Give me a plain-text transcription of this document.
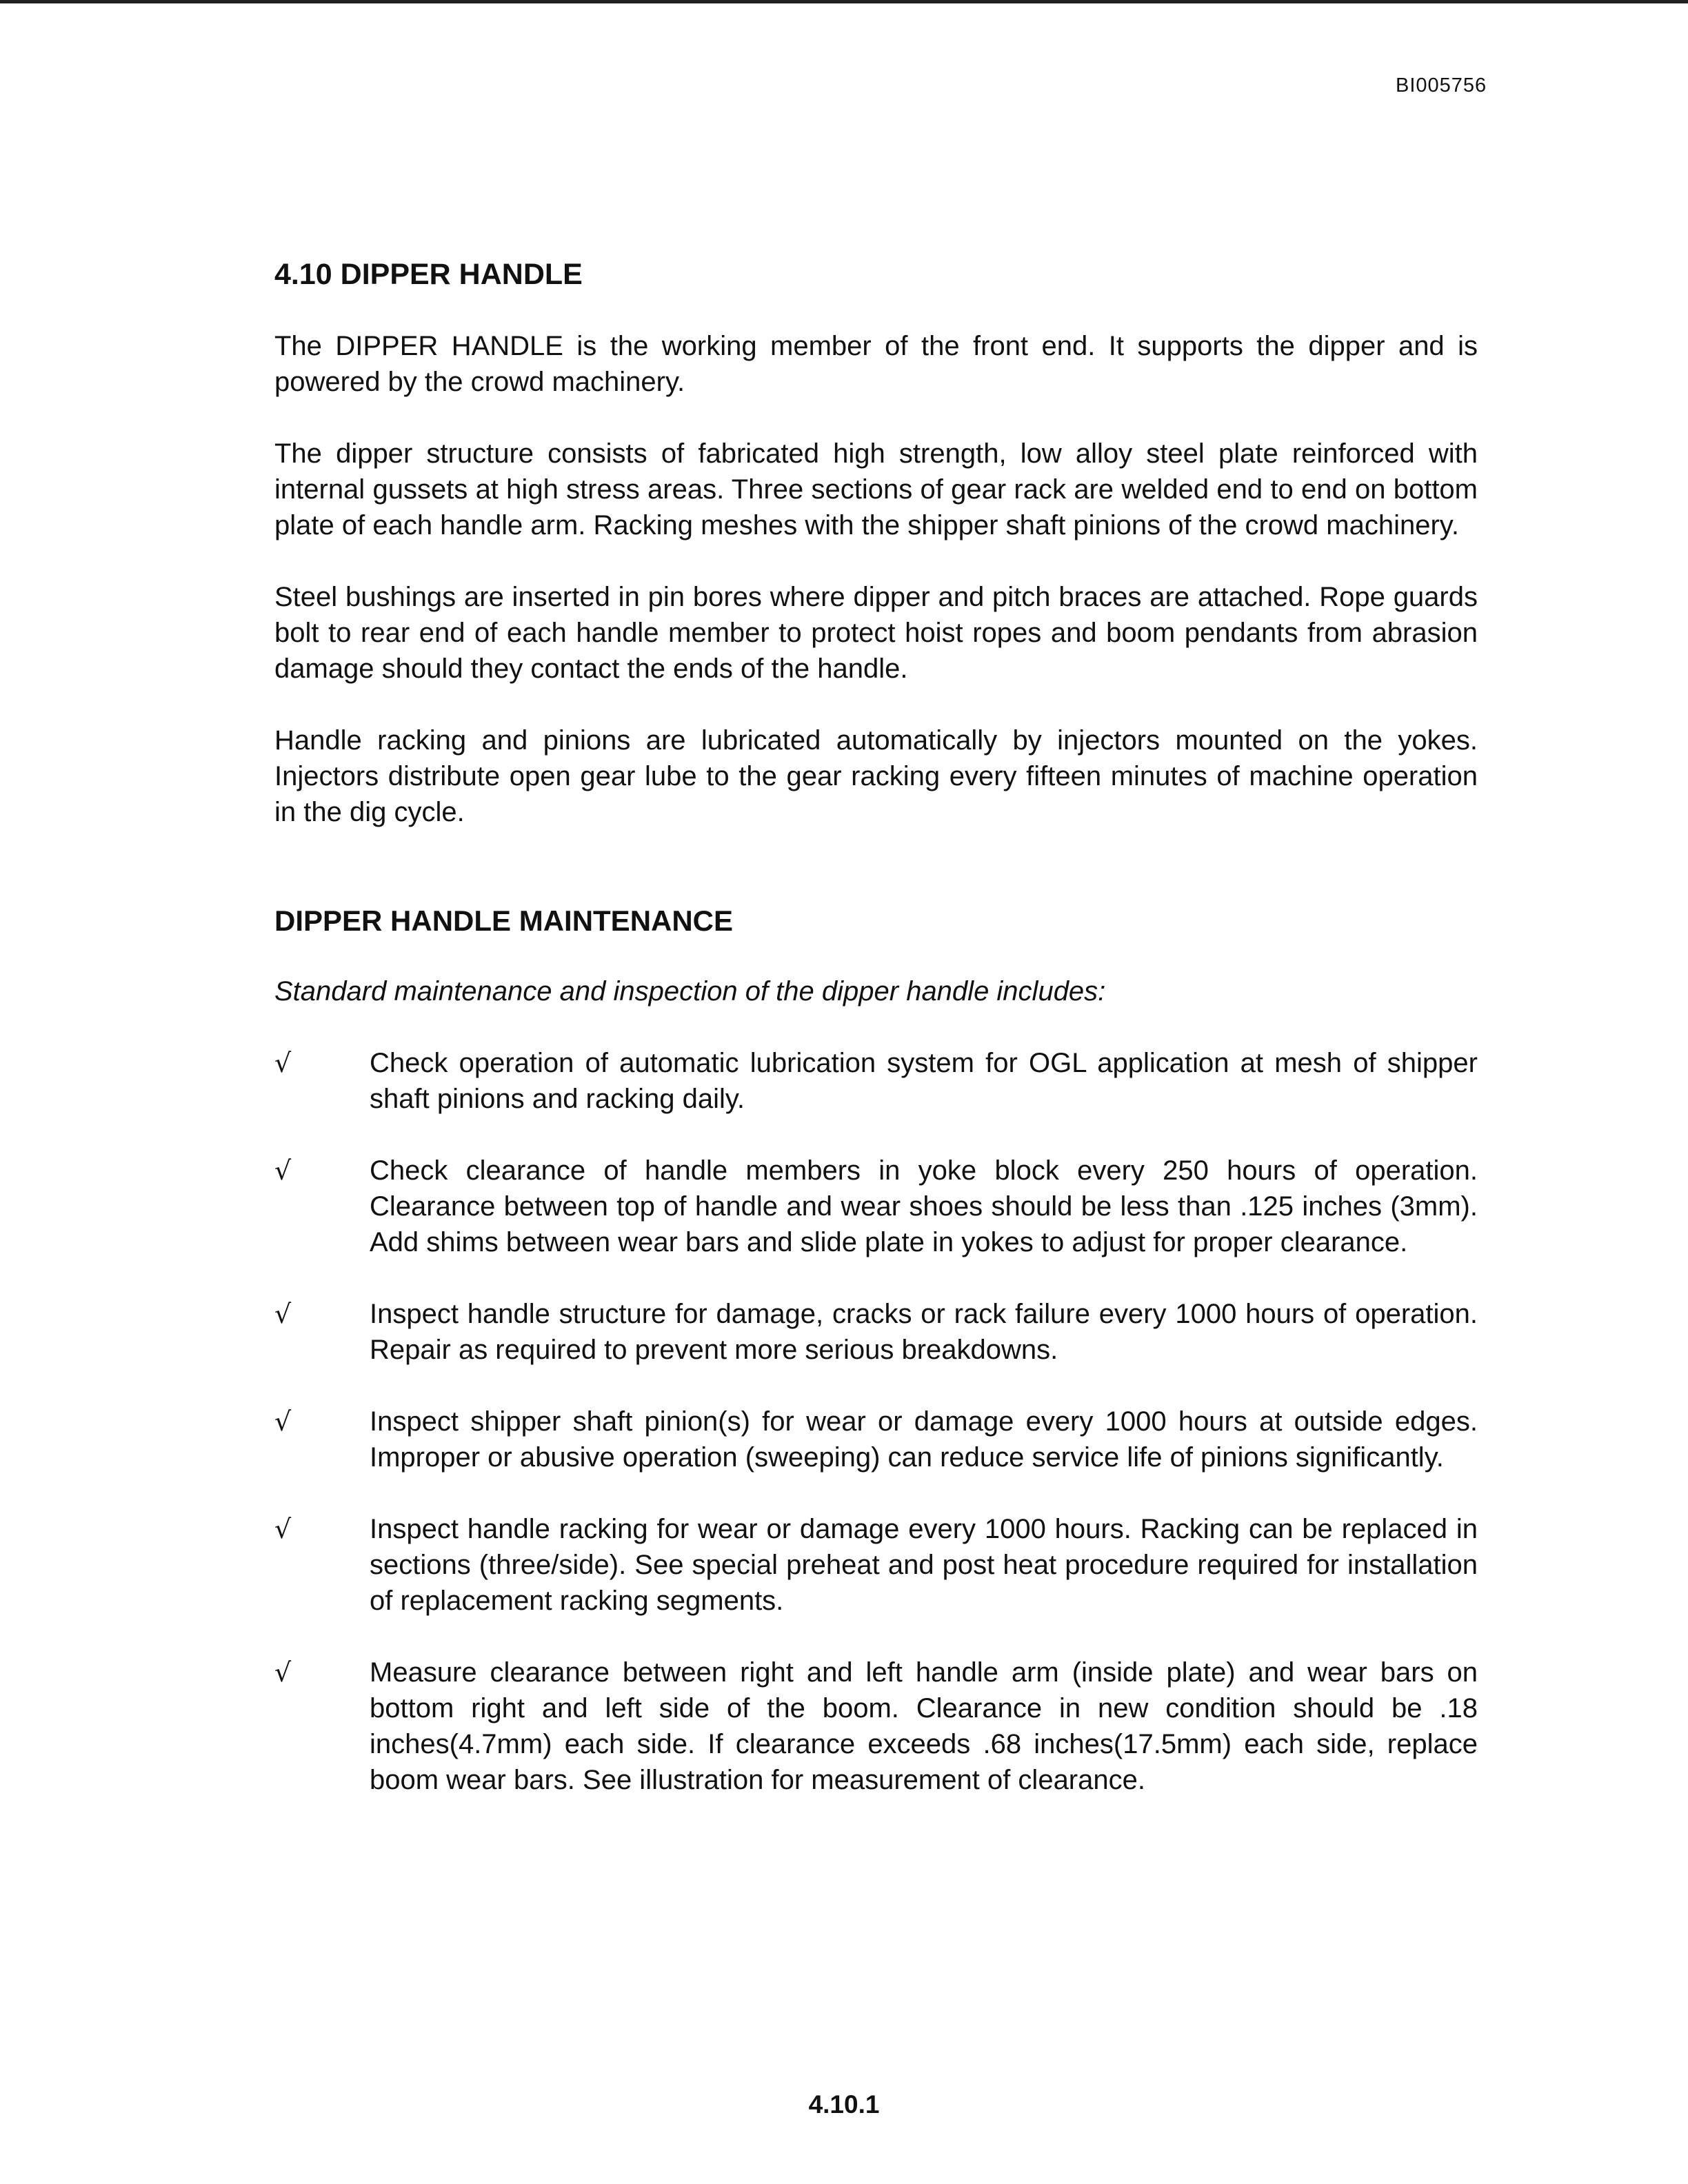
BI005756
4.10 DIPPER HANDLE

The DIPPER HANDLE is the working member of the front end. It supports the dipper and is powered by the crowd machinery.

The dipper structure consists of fabricated high strength, low alloy steel plate reinforced with internal gussets at high stress areas. Three sections of gear rack are welded end to end on bottom plate of each handle arm. Racking meshes with the shipper shaft pinions of the crowd machinery.

Steel bushings are inserted in pin bores where dipper and pitch braces are attached. Rope guards bolt to rear end of each handle member to protect hoist ropes and boom pendants from abrasion damage should they contact the ends of the handle.

Handle racking and pinions are lubricated automatically by injectors mounted on the yokes. Injectors distribute open gear lube to the gear racking every fifteen minutes of machine operation in the dig cycle.

DIPPER HANDLE MAINTENANCE
Standard maintenance and inspection of the dipper handle includes:
√	Check operation of automatic lubrication system for OGL application at mesh of shipper shaft pinions and racking daily.
√	Check clearance of handle members in yoke block every 250 hours of operation. Clearance between top of handle and wear shoes should be less than .125 inches (3mm). Add shims between wear bars and slide plate in yokes to adjust for proper clearance.
√	Inspect handle structure for damage, cracks or rack failure every 1000 hours of operation. Repair as required to prevent more serious breakdowns.
√	Inspect shipper shaft pinion(s) for wear or damage every 1000 hours at outside edges. Improper or abusive operation (sweeping) can reduce service life of pinions significantly.
√	Inspect handle racking for wear or damage every 1000 hours. Racking can be replaced in sections (three/side). See special preheat and post heat procedure required for installation of replacement racking segments.
√	Measure clearance between right and left handle arm (inside plate) and wear bars on bottom right and left side of the boom. Clearance in new condition should be .18 inches(4.7mm) each side. If clearance exceeds .68 inches(17.5mm) each side, replace boom wear bars. See illustration for measurement of clearance.
4.10.1
